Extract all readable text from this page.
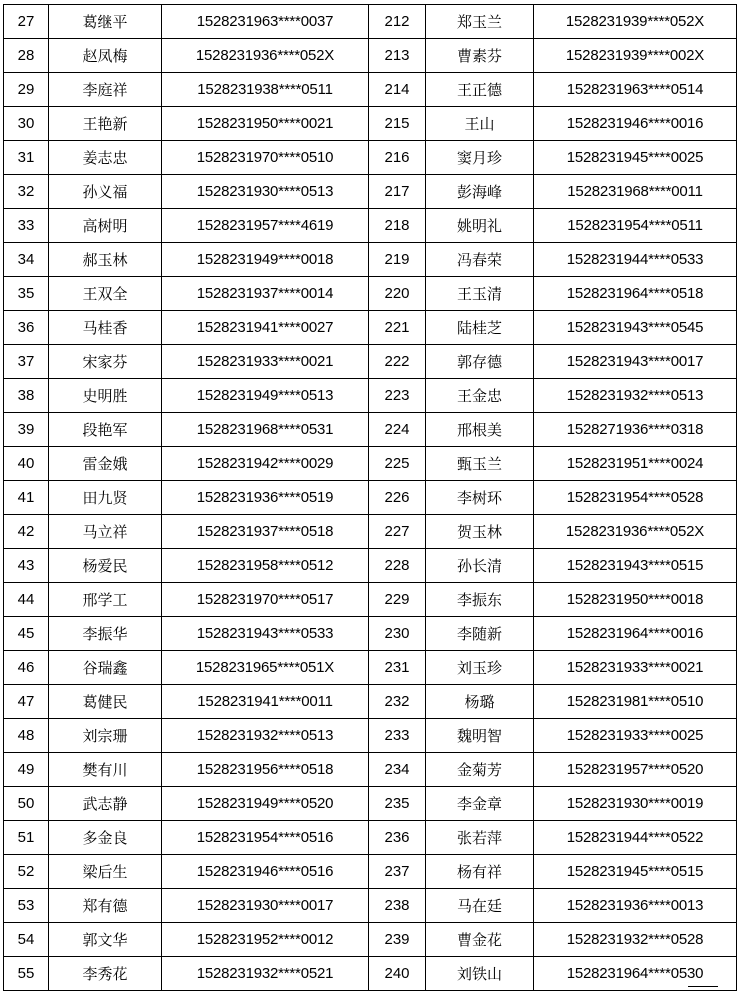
27	葛继平	1528231963****0037	212	郑玉兰	1528231939****052X
28	赵凤梅	1528231936****052X	213	曹素芬	1528231939****002X
29	李庭祥	1528231938****0511	214	王正德	1528231963****0514
30	王艳新	1528231950****0021	215	王山	1528231946****0016
31	姜志忠	1528231970****0510	216	窦月珍	1528231945****0025
32	孙义福	1528231930****0513	217	彭海峰	1528231968****0011
33	高树明	1528231957****4619	218	姚明礼	1528231954****0511
34	郝玉林	1528231949****0018	219	冯春荣	1528231944****0533
35	王双全	1528231937****0014	220	王玉清	1528231964****0518
36	马桂香	1528231941****0027	221	陆桂芝	1528231943****0545
37	宋家芬	1528231933****0021	222	郭存德	1528231943****0017
38	史明胜	1528231949****0513	223	王金忠	1528231932****0513
39	段艳军	1528231968****0531	224	邢根美	1528271936****0318
40	雷金娥	1528231942****0029	225	甄玉兰	1528231951****0024
41	田九贤	1528231936****0519	226	李树环	1528231954****0528
42	马立祥	1528231937****0518	227	贺玉林	1528231936****052X
43	杨爱民	1528231958****0512	228	孙长清	1528231943****0515
44	邢学工	1528231970****0517	229	李振东	1528231950****0018
45	李振华	1528231943****0533	230	李随新	1528231964****0016
46	谷瑞鑫	1528231965****051X	231	刘玉珍	1528231933****0021
47	葛健民	1528231941****0011	232	杨璐	1528231981****0510
48	刘宗珊	1528231932****0513	233	魏明智	1528231933****0025
49	樊有川	1528231956****0518	234	金菊芳	1528231957****0520
50	武志静	1528231949****0520	235	李金章	1528231930****0019
51	多金良	1528231954****0516	236	张若萍	1528231944****0522
52	梁后生	1528231946****0516	237	杨有祥	1528231945****0515
53	郑有德	1528231930****0017	238	马在廷	1528231936****0013
54	郭文华	1528231952****0012	239	曹金花	1528231932****0528
55	李秀花	1528231932****0521	240	刘铁山	1528231964****0530
